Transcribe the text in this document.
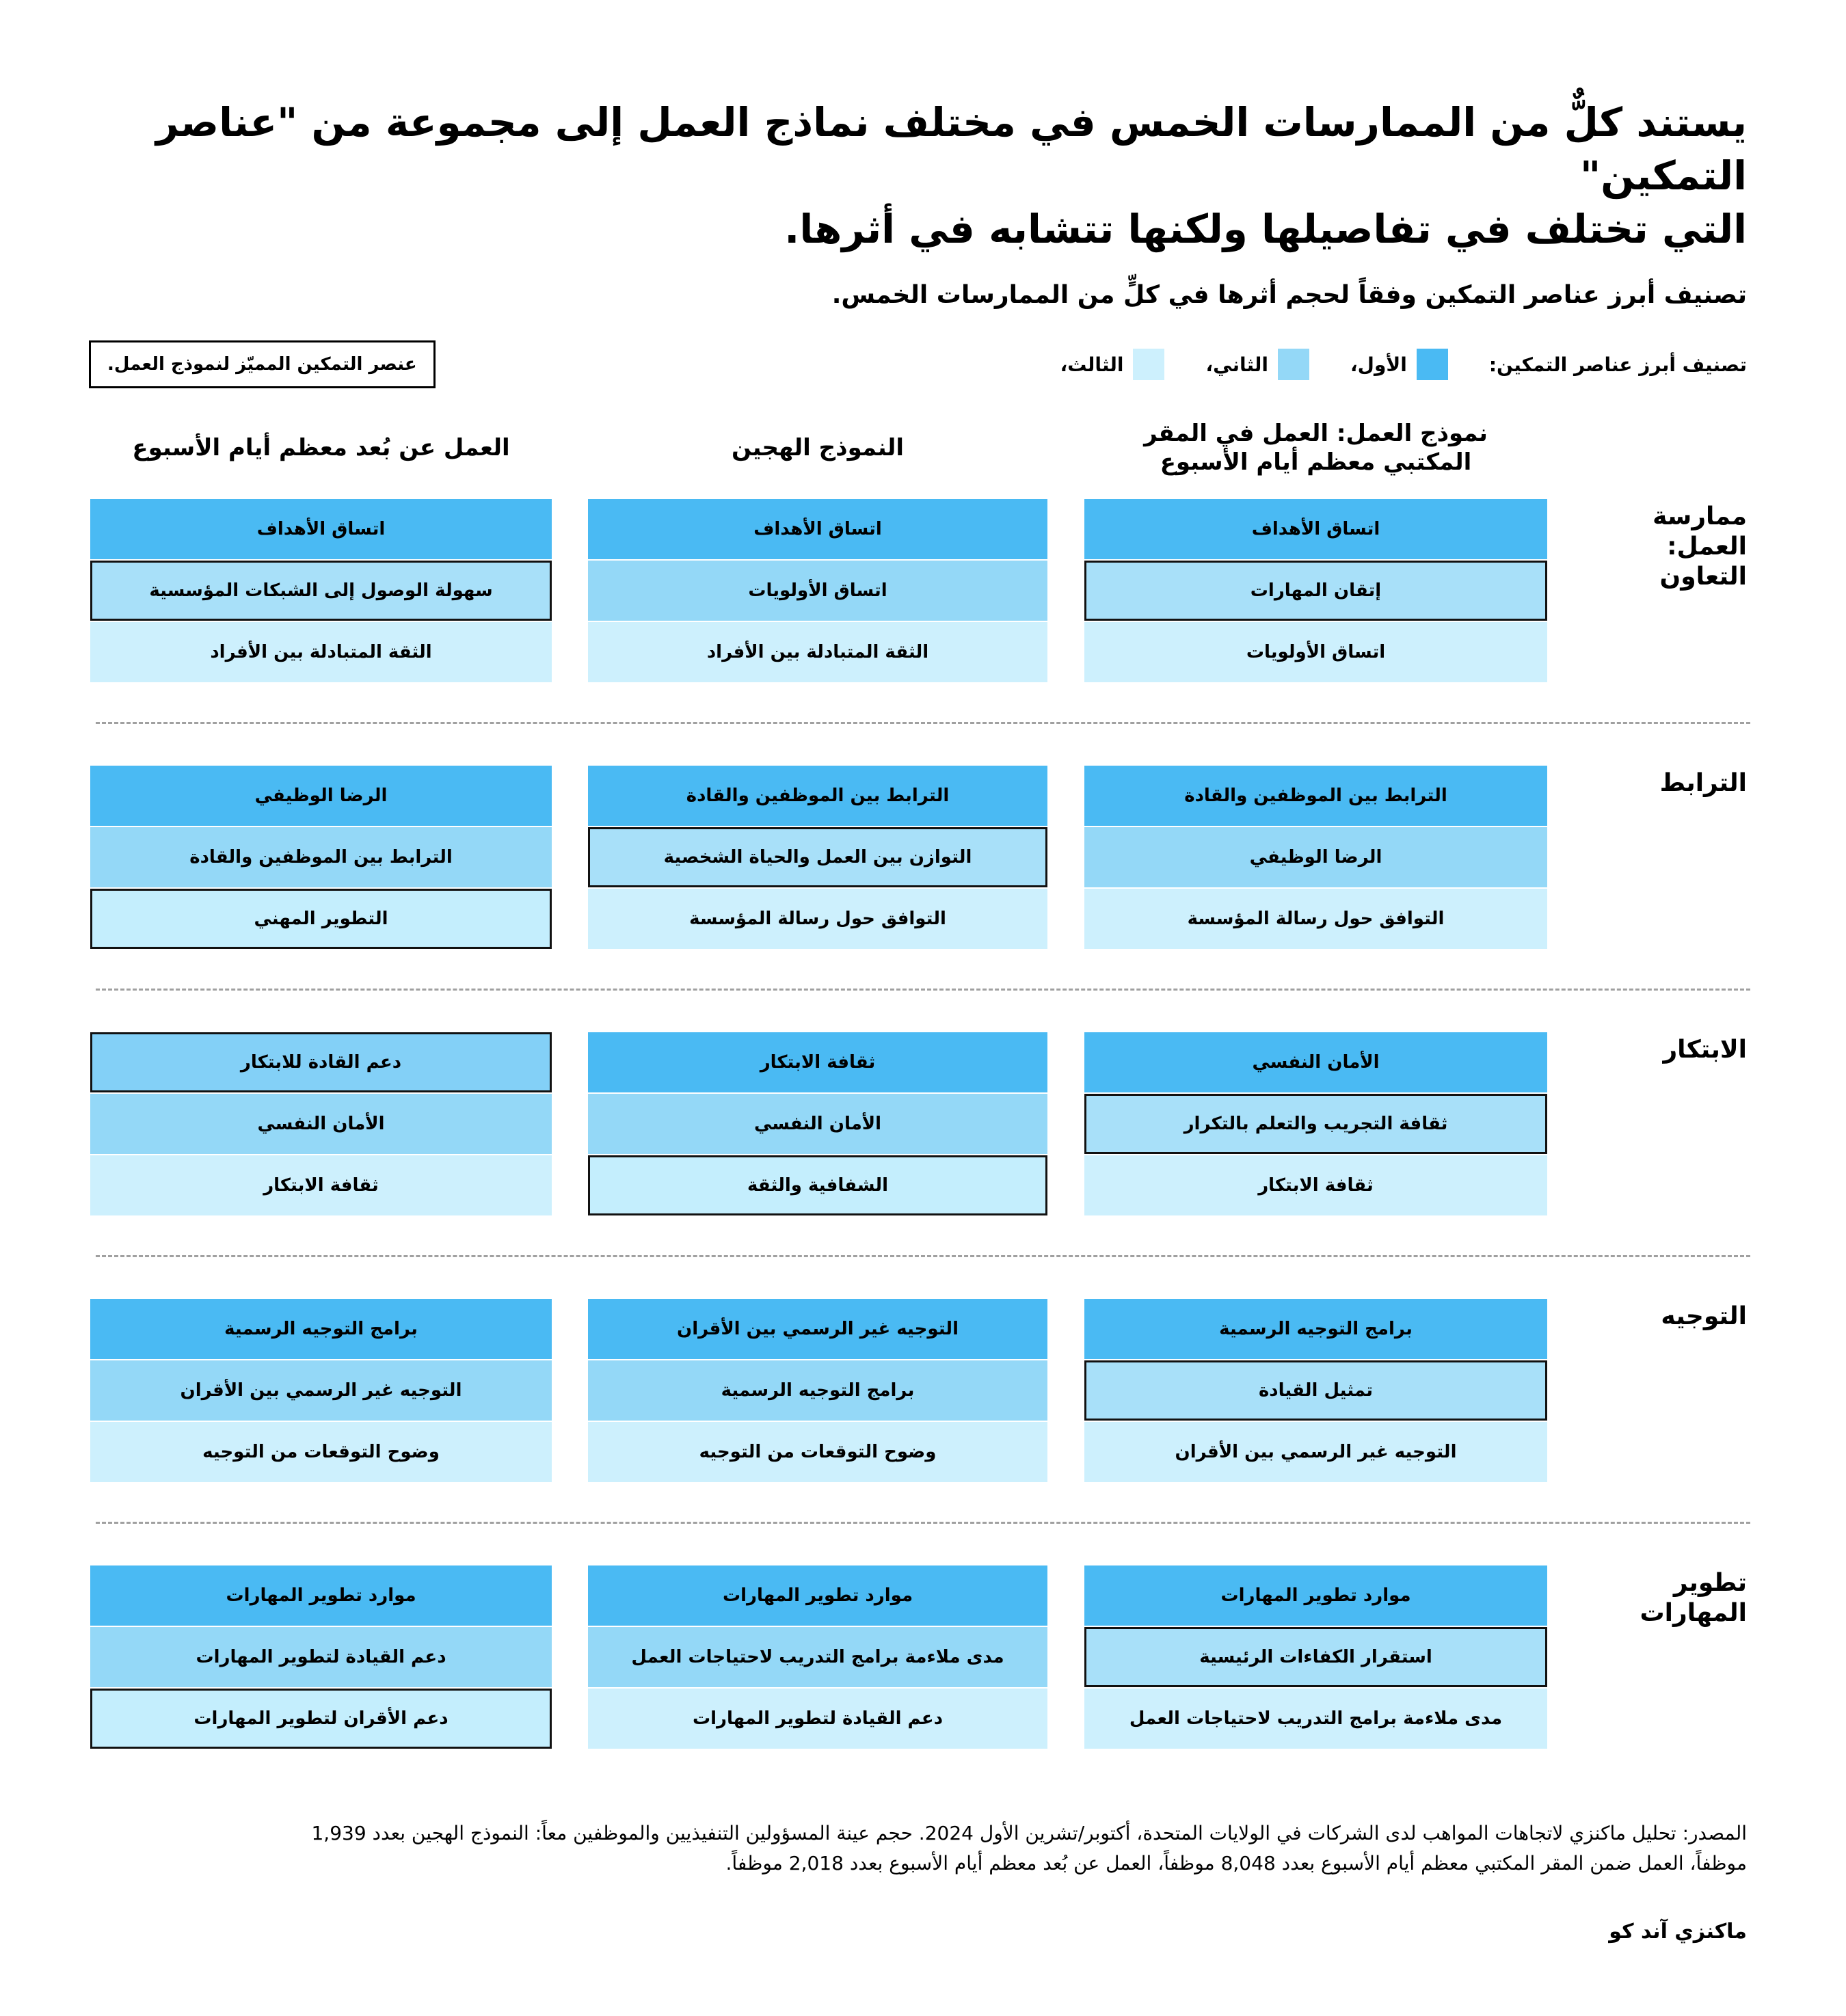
يستند كلٌّ من الممارسات الخمس في مختلف نماذج العمل إلى مجموعة من "عناصر التمكين"
التي تختلف في تفاصيلها ولكنها تتشابه في أثرها.
تصنيف أبرز عناصر التمكين وفقاً لحجم أثرها في كلٍّ من الممارسات الخمس.
تصنيف أبرز عناصر التمكين:
الأول،
الثاني،
الثالث،
عنصر التمكين المميّز لنموذج العمل.
نموذج العمل: العمل في المقر
المكتبي معظم أيام الأسبوع
النموذج الهجين
العمل عن بُعد معظم أيام الأسبوع
ممارسة العمل:
التعاون
اتساق الأهداف
إتقان المهارات
اتساق الأولويات
اتساق الأهداف
اتساق الأولويات
الثقة المتبادلة بين الأفراد
اتساق الأهداف
سهولة الوصول إلى الشبكات المؤسسية
الثقة المتبادلة بين الأفراد
الترابط
الترابط بين الموظفين والقادة
الرضا الوظيفي
التوافق حول رسالة المؤسسة
الترابط بين الموظفين والقادة
التوازن بين العمل والحياة الشخصية
التوافق حول رسالة المؤسسة
الرضا الوظيفي
الترابط بين الموظفين والقادة
التطوير المهني
الابتكار
الأمان النفسي
ثقافة التجريب والتعلم بالتكرار
ثقافة الابتكار
ثقافة الابتكار
الأمان النفسي
الشفافية والثقة
دعم القادة للابتكار
الأمان النفسي
ثقافة الابتكار
التوجيه
برامج التوجيه الرسمية
تمثيل القيادة
التوجيه غير الرسمي بين الأقران
التوجيه غير الرسمي بين الأقران
برامج التوجيه الرسمية
وضوح التوقعات من التوجيه
برامج التوجيه الرسمية
التوجيه غير الرسمي بين الأقران
وضوح التوقعات من التوجيه
تطوير المهارات
موارد تطوير المهارات
استقرار الكفاءات الرئيسية
مدى ملاءمة برامج التدريب لاحتياجات العمل
موارد تطوير المهارات
مدى ملاءمة برامج التدريب لاحتياجات العمل
دعم القيادة لتطوير المهارات
موارد تطوير المهارات
دعم القيادة لتطوير المهارات
دعم الأقران لتطوير المهارات
المصدر: تحليل ماكنزي لاتجاهات المواهب لدى الشركات في الولايات المتحدة، أكتوبر/تشرين الأول 2024. حجم عينة المسؤولين التنفيذيين والموظفين معاً: النموذج الهجين بعدد 1,939
موظفاً، العمل ضمن المقر المكتبي معظم أيام الأسبوع بعدد 8,048 موظفاً، العمل عن بُعد معظم أيام الأسبوع بعدد 2,018 موظفاً.
ماكنزي آند كو
